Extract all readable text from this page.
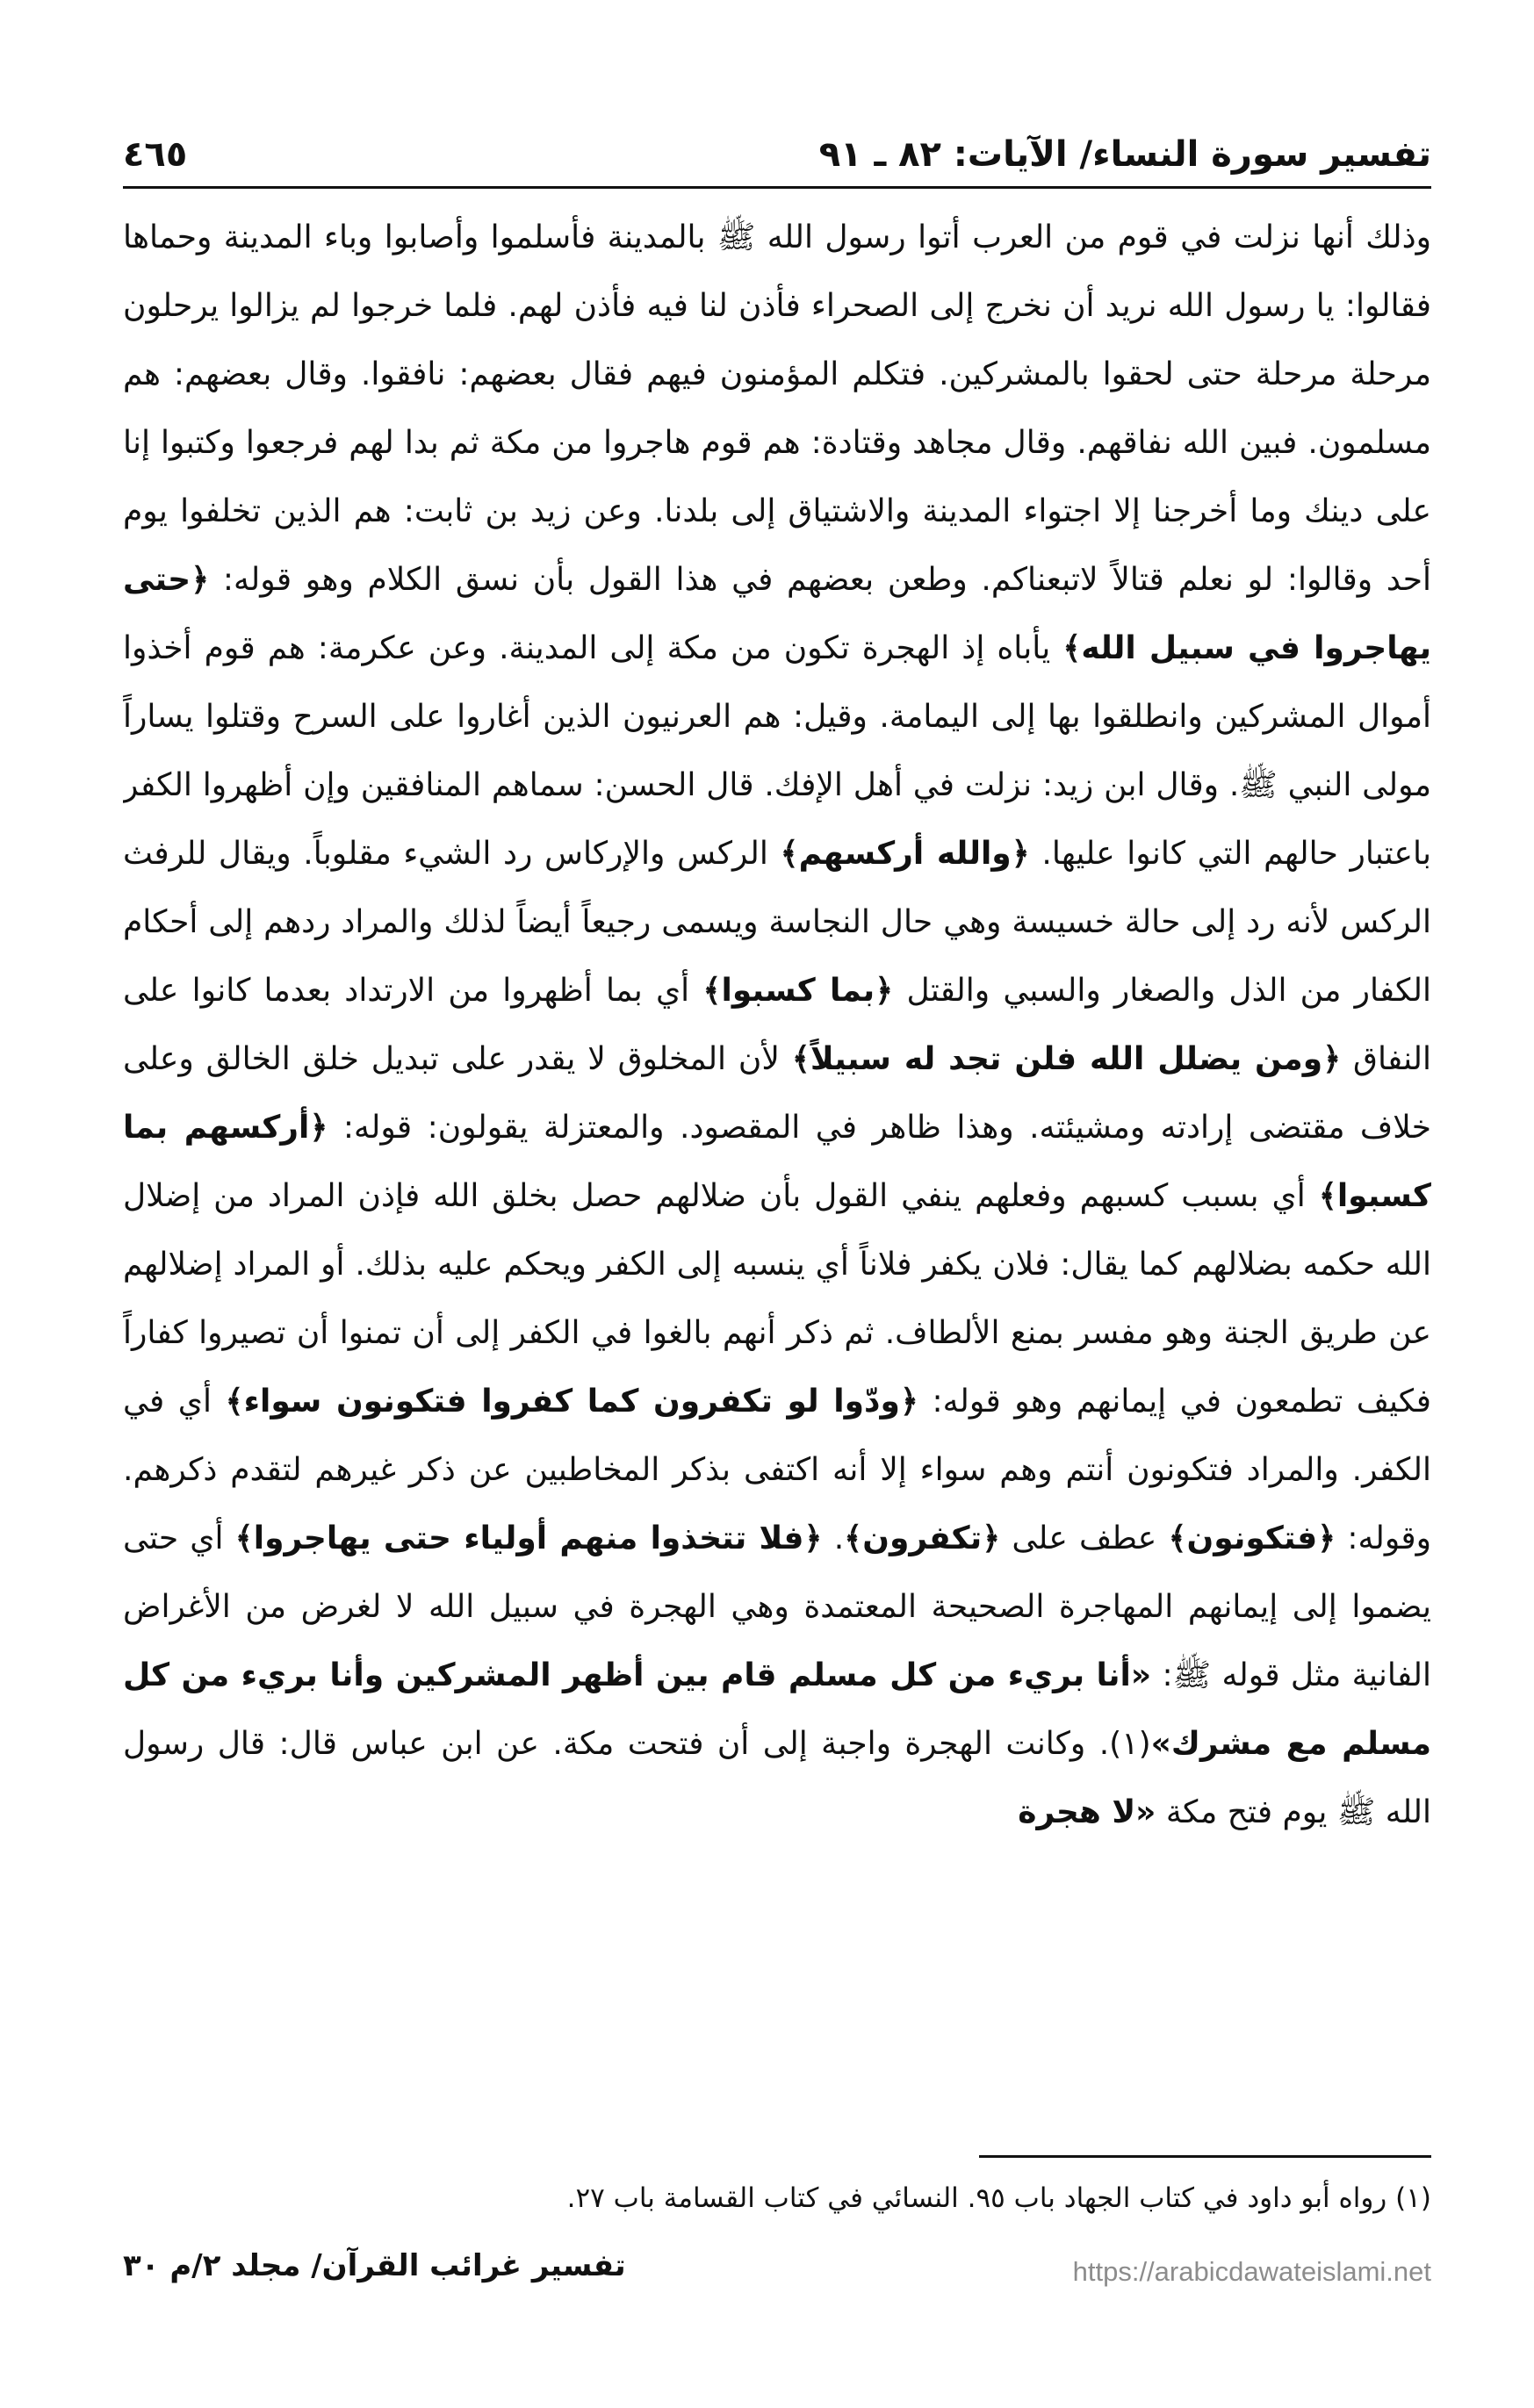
تفسير سورة النساء/ الآيات: ٨٢ ـ ٩١
٤٦٥

وذلك أنها نزلت في قوم من العرب أتوا رسول الله ﷺ بالمدينة فأسلموا وأصابوا وباء المدينة وحماها فقالوا: يا رسول الله نريد أن نخرج إلى الصحراء فأذن لنا فيه فأذن لهم. فلما خرجوا لم يزالوا يرحلون مرحلة مرحلة حتى لحقوا بالمشركين. فتكلم المؤمنون فيهم فقال بعضهم: نافقوا. وقال بعضهم: هم مسلمون. فبين الله نفاقهم. وقال مجاهد وقتادة: هم قوم هاجروا من مكة ثم بدا لهم فرجعوا وكتبوا إنا على دينك وما أخرجنا إلا اجتواء المدينة والاشتياق إلى بلدنا. وعن زيد بن ثابت: هم الذين تخلفوا يوم أحد وقالوا: لو نعلم قتالاً لاتبعناكم. وطعن بعضهم في هذا القول بأن نسق الكلام وهو قوله: ﴿حتى يهاجروا في سبيل الله﴾ يأباه إذ الهجرة تكون من مكة إلى المدينة. وعن عكرمة: هم قوم أخذوا أموال المشركين وانطلقوا بها إلى اليمامة. وقيل: هم العرنيون الذين أغاروا على السرح وقتلوا يساراً مولى النبي ﷺ. وقال ابن زيد: نزلت في أهل الإفك. قال الحسن: سماهم المنافقين وإن أظهروا الكفر باعتبار حالهم التي كانوا عليها. ﴿والله أركسهم﴾ الركس والإركاس رد الشيء مقلوباً. ويقال للرفث الركس لأنه رد إلى حالة خسيسة وهي حال النجاسة ويسمى رجيعاً أيضاً لذلك والمراد ردهم إلى أحكام الكفار من الذل والصغار والسبي والقتل ﴿بما كسبوا﴾ أي بما أظهروا من الارتداد بعدما كانوا على النفاق ﴿ومن يضلل الله فلن تجد له سبيلاً﴾ لأن المخلوق لا يقدر على تبديل خلق الخالق وعلى خلاف مقتضى إرادته ومشيئته. وهذا ظاهر في المقصود. والمعتزلة يقولون: قوله: ﴿أركسهم بما كسبوا﴾ أي بسبب كسبهم وفعلهم ينفي القول بأن ضلالهم حصل بخلق الله فإذن المراد من إضلال الله حكمه بضلالهم كما يقال: فلان يكفر فلاناً أي ينسبه إلى الكفر ويحكم عليه بذلك. أو المراد إضلالهم عن طريق الجنة وهو مفسر بمنع الألطاف. ثم ذكر أنهم بالغوا في الكفر إلى أن تمنوا أن تصيروا كفاراً فكيف تطمعون في إيمانهم وهو قوله: ﴿ودّوا لو تكفرون كما كفروا فتكونون سواء﴾ أي في الكفر. والمراد فتكونون أنتم وهم سواء إلا أنه اكتفى بذكر المخاطبين عن ذكر غيرهم لتقدم ذكرهم. وقوله: ﴿فتكونون﴾ عطف على ﴿تكفرون﴾. ﴿فلا تتخذوا منهم أولياء حتى يهاجروا﴾ أي حتى يضموا إلى إيمانهم المهاجرة الصحيحة المعتمدة وهي الهجرة في سبيل الله لا لغرض من الأغراض الفانية مثل قوله ﷺ: «أنا بريء من كل مسلم قام بين أظهر المشركين وأنا بريء من كل مسلم مع مشرك»(١). وكانت الهجرة واجبة إلى أن فتحت مكة. عن ابن عباس قال: قال رسول الله ﷺ يوم فتح مكة «لا هجرة

(١) رواه أبو داود في كتاب الجهاد باب ٩٥. النسائي في كتاب القسامة باب ٢٧.
تفسير غرائب القرآن/ مجلد ٢/م ٣٠	https://arabicdawateislami.net
